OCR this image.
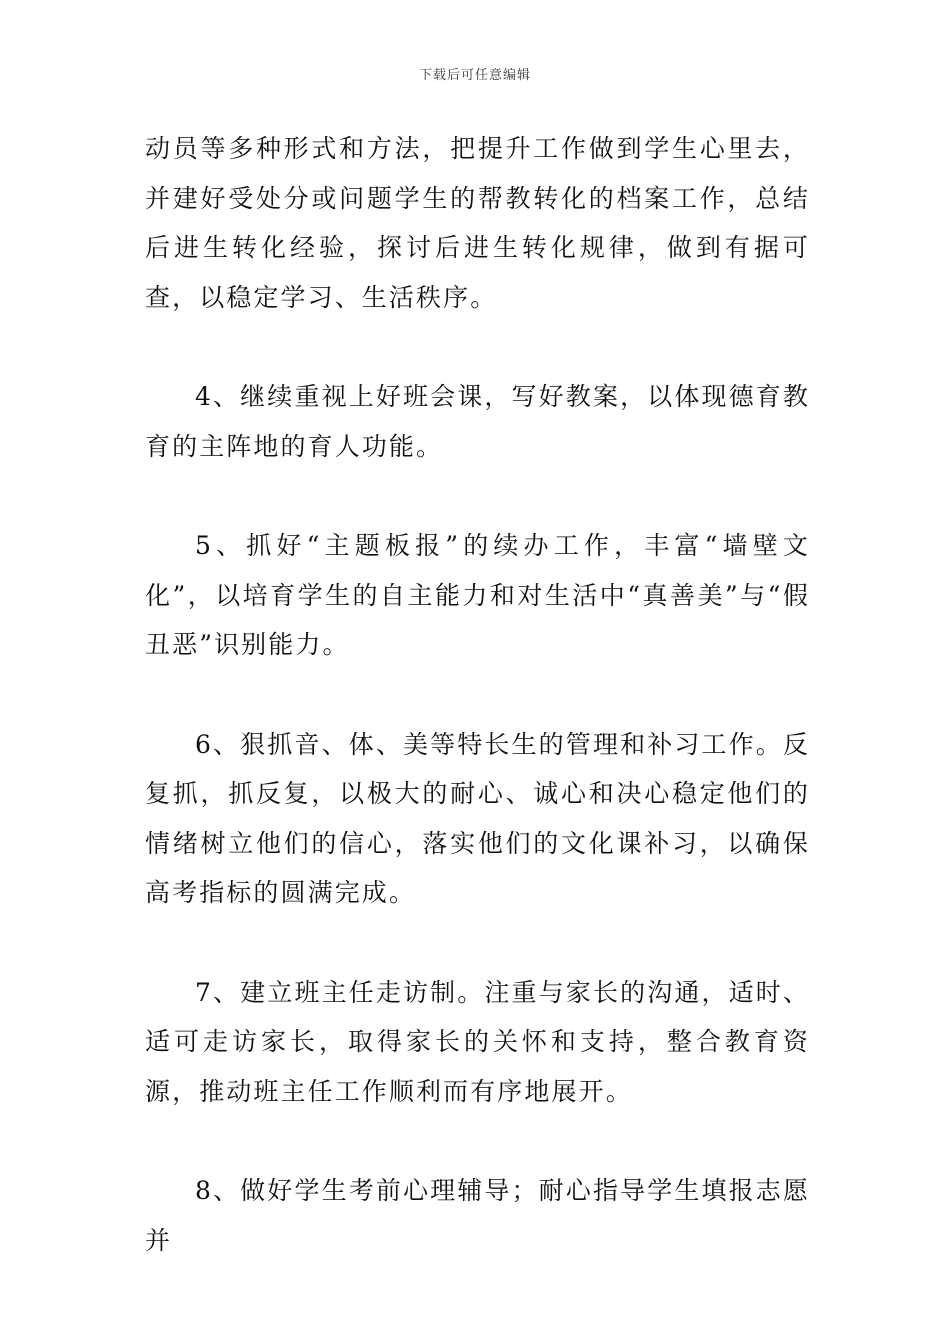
下载后可任意编辑

动员等多种形式和方法，把提升工作做到学生心里去，并建好受处分或问题学生的帮教转化的档案工作，总结后进生转化经验，探讨后进生转化规律，做到有据可查，以稳定学习、生活秩序。

4、继续重视上好班会课，写好教案，以体现德育教育的主阵地的育人功能。

5、抓好“主题板报”的续办工作，丰富“墙壁文化”，以培育学生的自主能力和对生活中“真善美”与“假丑恶”识别能力。

6、狠抓音、体、美等特长生的管理和补习工作。反复抓，抓反复，以极大的耐心、诚心和决心稳定他们的情绪树立他们的信心，落实他们的文化课补习，以确保高考指标的圆满完成。

7、建立班主任走访制。注重与家长的沟通，适时、适可走访家长，取得家长的关怀和支持，整合教育资源，推动班主任工作顺利而有序地展开。

8、做好学生考前心理辅导；耐心指导学生填报志愿并
